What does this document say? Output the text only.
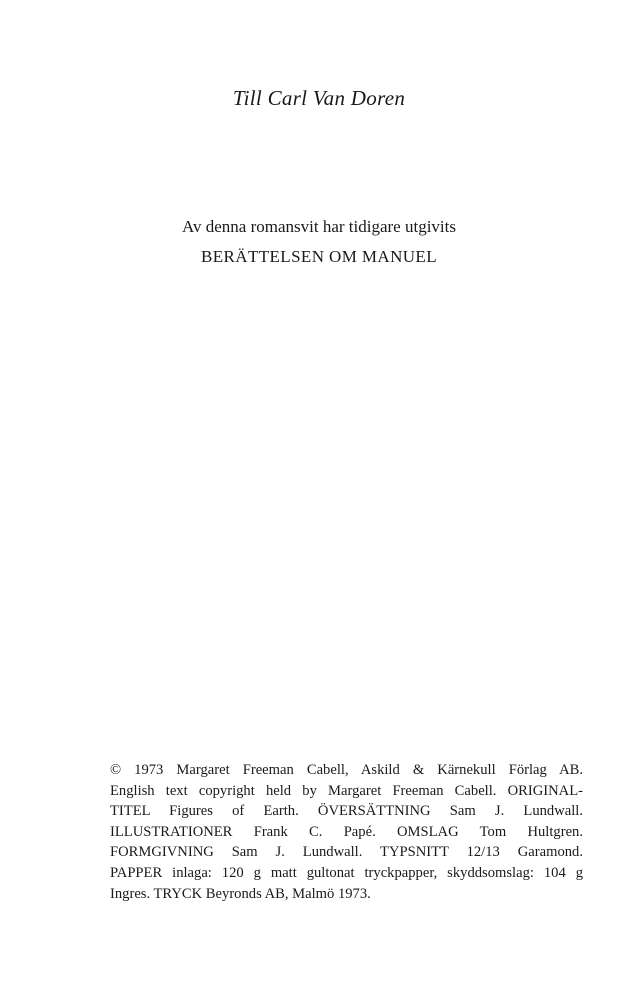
Till Carl Van Doren

Av denna romansvit har tidigare utgivits

BERÄTTELSEN OM MANUEL

© 1973 Margaret Freeman Cabell, Askild & Kärnekull Förlag AB.

English text copyright held by Margaret Freeman Cabell. ORIGINAL-

TITEL Figures of Earth. ÖVERSÄTTNING Sam J. Lundwall.

ILLUSTRATIONER Frank C. Papé. OMSLAG Tom Hultgren.

FORMGIVNING Sam J. Lundwall. TYPSNITT 12/13 Garamond.

PAPPER inlaga: 120 g matt gultonat tryckpapper, skyddsomslag: 104 g

Ingres. TRYCK Beyronds AB, Malmö 1973.
